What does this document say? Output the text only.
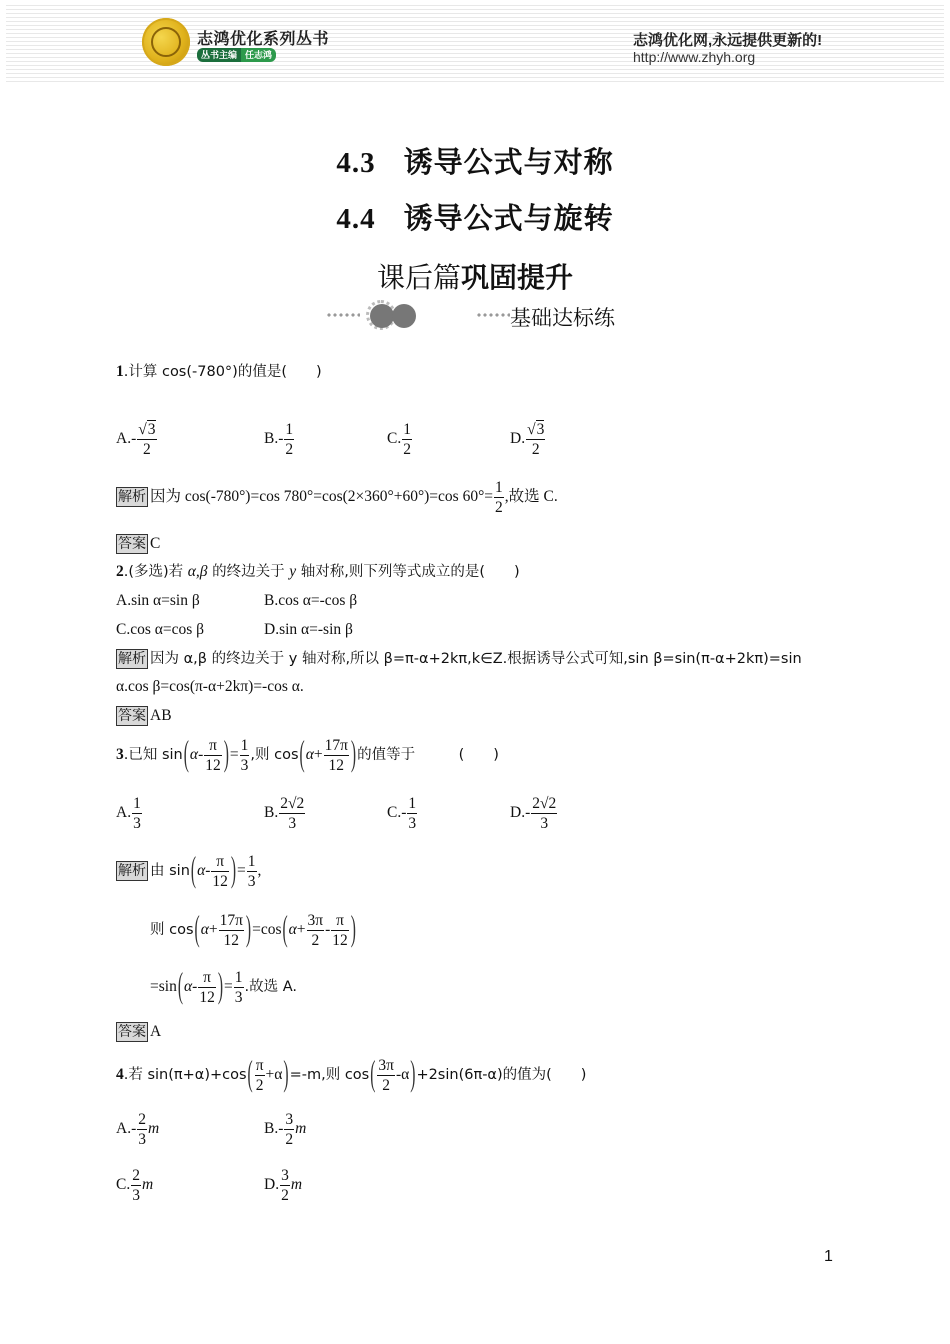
志鸿优化系列丛书
丛书主编 任志鸿
志鸿优化网,永远提供更新的!
http://www.zhyh.org
4.3 诱导公式与对称
4.4 诱导公式与旋转
课后篇巩固提升
基础达标练
1.计算 cos(-780°)的值是(　　)
$A.- \frac{√3}{2}$	$B.- \frac{1}{2}$	C. $\frac{1}{2}$	D. $\frac{√3}{2}$
解析 因为 cos(-780°)=cos 780°=cos(2×360°+60°)=cos $60^\circ= \frac{1}{2}$ ,故选 C.
答案 C
2.(多选)若 α,β 的终边关于 y 轴对称,则下列等式成立的是(　　)
A.sin α=sin β	B.cos α=-cos β
C.cos α=cos β	D.sin α=-sin β
解析 因为 α,β 的终边关于 y 轴对称,所以 β=π-α+2kπ,k∈Z.根据诱导公式可知,sin β=sin(π-α+2kπ)=sin
α.cos β=cos(π-α+2kπ)=-cos α.
答案 AB
3.已知 $\sin(\alpha- \frac{\pi}{12}$ )= $\frac{1}{3}$ ,则 $\cos(\alpha+ \frac{17\pi}{12}$ )的值等于　　　(　　)
A. $\frac{1}{3}$	B. $\frac{2√2}{3}$	$C.- \frac{1}{3}$	$D.- \frac{2√2}{3}$
解析 由 $\sin(\alpha- \frac{\pi}{12}$ )= $\frac{1}{3}$ ,
则 $\cos(\alpha+ \frac{17\pi}{12} )=\cos(\alpha+ \frac{3\pi}{2} - \frac{\pi}{12}$ )
$=\sin(\alpha- \frac{\pi}{12}$ )= $\frac{1}{3}$ .故选 A.
答案 A
4.若 $\sin(\pi+\alpha)+\cos( \frac{\pi}{2} +\alpha)=-m$,则 $\cos( \frac{3\pi}{2} -\alpha)+2\sin(6\pi-\alpha)$的值为(　　)
$A.- \frac{2}{3}$ m	$B.- \frac{3}{2}$ m
C. $\frac{2}{3}$ m	D. $\frac{3}{2}$ m
1
